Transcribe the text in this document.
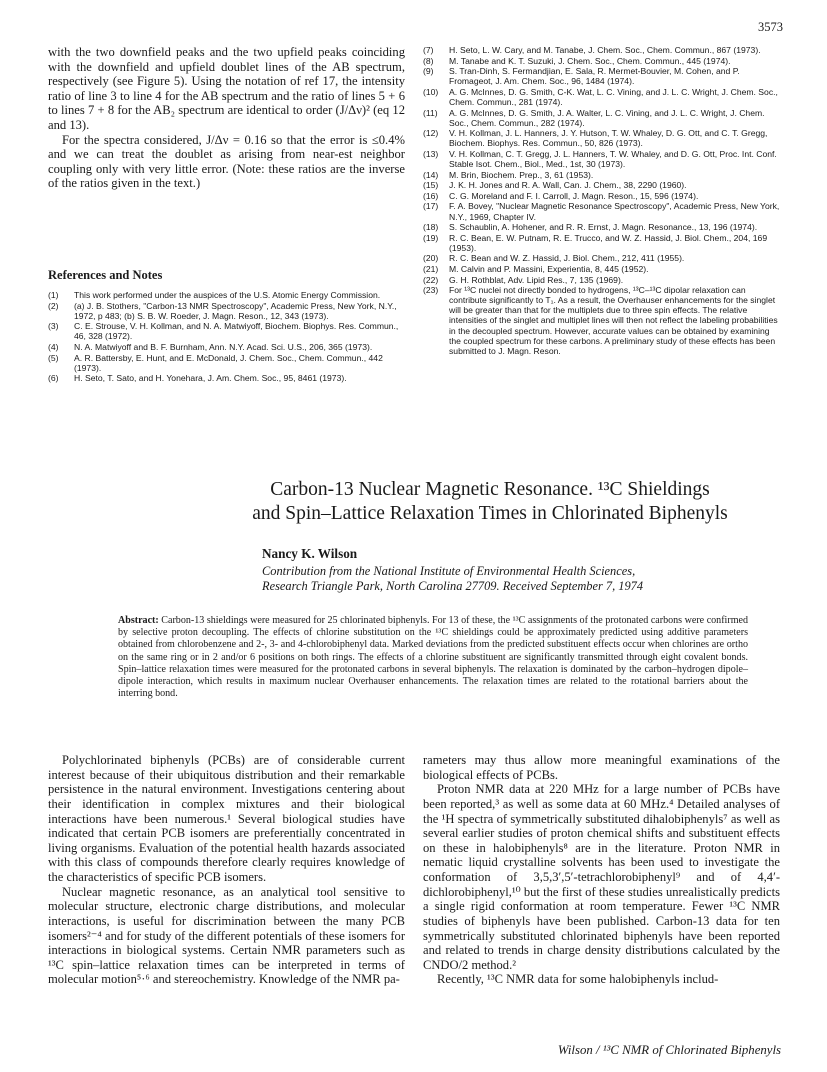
3573

with the two downfield peaks and the two upfield peaks coinciding with the downfield and upfield doublet lines of the AB spectrum, respectively (see Figure 5). Using the notation of ref 17, the intensity ratio of line 3 to line 4 for the AB spectrum and the ratio of lines 5 + 6 to lines 7 + 8 for the AB₂ spectrum are identical to order (J/Δν)² (eq 12 and 13).

For the spectra considered, J/Δν = 0.16 so that the error is ≤0.4% and we can treat the doublet as arising from near-est neighbor coupling only with very little error. (Note: these ratios are the inverse of the ratios given in the text.)

References and Notes
(1) This work performed under the auspices of the U.S. Atomic Energy Commission.
(2) (a) J. B. Stothers, "Carbon-13 NMR Spectroscopy", Academic Press, New York, N.Y., 1972, p 483; (b) S. B. W. Roeder, J. Magn. Reson., 12, 343 (1973).
(3) C. E. Strouse, V. H. Kollman, and N. A. Matwiyoff, Biochem. Biophys. Res. Commun., 46, 328 (1972).
(4) N. A. Matwiyoff and B. F. Burnham, Ann. N.Y. Acad. Sci. U.S., 206, 365 (1973).
(5) A. R. Battersby, E. Hunt, and E. McDonald, J. Chem. Soc., Chem. Commun., 442 (1973).
(6) H. Seto, T. Sato, and H. Yonehara, J. Am. Chem. Soc., 95, 8461 (1973).
(7) H. Seto, L. W. Cary, and M. Tanabe, J. Chem. Soc., Chem. Commun., 867 (1973).
(8) M. Tanabe and K. T. Suzuki, J. Chem. Soc., Chem. Commun., 445 (1974).
(9) S. Tran-Dinh, S. Fermandjian, E. Sala, R. Mermet-Bouvier, M. Cohen, and P. Fromageot, J. Am. Chem. Soc., 96, 1484 (1974).
(10) A. G. McInnes, D. G. Smith, C-K. Wat, L. C. Vining, and J. L. C. Wright, J. Chem. Soc., Chem. Commun., 281 (1974).
(11) A. G. McInnes, D. G. Smith, J. A. Walter, L. C. Vining, and J. L. C. Wright, J. Chem. Soc., Chem. Commun., 282 (1974).
(12) V. H. Kollman, J. L. Hanners, J. Y. Hutson, T. W. Whaley, D. G. Ott, and C. T. Gregg, Biochem. Biophys. Res. Commun., 50, 826 (1973).
(13) V. H. Kollman, C. T. Gregg, J. L. Hanners, T. W. Whaley, and D. G. Ott, Proc. Int. Conf. Stable Isot. Chem., Biol., Med., 1st, 30 (1973).
(14) M. Brin, Biochem. Prep., 3, 61 (1953).
(15) J. K. H. Jones and R. A. Wall, Can. J. Chem., 38, 2290 (1960).
(16) C. G. Moreland and F. I. Carroll, J. Magn. Reson., 15, 596 (1974).
(17) F. A. Bovey, "Nuclear Magnetic Resonance Spectroscopy", Academic Press, New York, N.Y., 1969, Chapter IV.
(18) S. Schaublin, A. Hohener, and R. R. Ernst, J. Magn. Resonance., 13, 196 (1974).
(19) R. C. Bean, E. W. Putnam, R. E. Trucco, and W. Z. Hassid, J. Biol. Chem., 204, 169 (1953).
(20) R. C. Bean and W. Z. Hassid, J. Biol. Chem., 212, 411 (1955).
(21) M. Calvin and P. Massini, Experientia, 8, 445 (1952).
(22) G. H. Rothblat, Adv. Lipid Res., 7, 135 (1969).
(23) For ¹³C nuclei not directly bonded to hydrogens, ¹³C–¹³C dipolar relaxation can contribute significantly to T₁. As a result, the Overhauser enhancements for the singlet will be greater than that for the multiplets due to three spin effects. The relative intensities of the singlet and multiplet lines will then not reflect the labeling probabilities in the decoupled spectrum. However, accurate values can be obtained by examining the coupled spectrum for these carbons. A preliminary study of these effects has been submitted to J. Magn. Reson.
Carbon-13 Nuclear Magnetic Resonance. ¹³C Shieldings
and Spin–Lattice Relaxation Times in Chlorinated Biphenyls
Nancy K. Wilson
Contribution from the National Institute of Environmental Health Sciences,
Research Triangle Park, North Carolina 27709. Received September 7, 1974
Abstract: Carbon-13 shieldings were measured for 25 chlorinated biphenyls. For 13 of these, the ¹³C assignments of the protonated carbons were confirmed by selective proton decoupling. The effects of chlorine substitution on the ¹³C shieldings could be approximately predicted using additive parameters obtained from chlorobenzene and 2-, 3- and 4-chlorobiphenyl data. Marked deviations from the predicted substituent effects occur when chlorines are ortho on the same ring or in 2 and/or 6 positions on both rings. The effects of a chlorine substituent are significantly transmitted through eight covalent bonds. Spin–lattice relaxation times were measured for the protonated carbons in several biphenyls. The relaxation is dominated by the carbon–hydrogen dipole–dipole interaction, which results in maximum nuclear Overhauser enhancements. The relaxation times are related to the rotational barriers about the interring bond.

Polychlorinated biphenyls (PCBs) are of considerable current interest because of their ubiquitous distribution and their remarkable persistence in the natural environment. Investigations centering about their identification in complex mixtures and their biological interactions have been numerous.¹ Several biological studies have indicated that certain PCB isomers are preferentially concentrated in living organisms. Evaluation of the potential health hazards associated with this class of compounds therefore clearly requires knowledge of the characteristics of specific PCB isomers.

Nuclear magnetic resonance, as an analytical tool sensitive to molecular structure, electronic charge distributions, and molecular interactions, is useful for discrimination between the many PCB isomers²⁻⁴ and for study of the different potentials of these isomers for interactions in biological systems. Certain NMR parameters such as ¹³C spin–lattice relaxation times can be interpreted in terms of molecular motion⁵·⁶ and stereochemistry. Knowledge of the NMR pa-

rameters may thus allow more meaningful examinations of the biological effects of PCBs.

Proton NMR data at 220 MHz for a large number of PCBs have been reported,³ as well as some data at 60 MHz.⁴ Detailed analyses of the ¹H spectra of symmetrically substituted dihalobiphenyls⁷ as well as several earlier studies of proton chemical shifts and substituent effects on these in halobiphenyls⁸ are in the literature. Proton NMR in nematic liquid crystalline solvents has been used to investigate the conformation of 3,5,3′,5′-tetrachlorobiphenyl⁹ and of 4,4′-dichlorobiphenyl,¹⁰ but the first of these studies unrealistically predicts a single rigid conformation at room temperature. Fewer ¹³C NMR studies of biphenyls have been published. Carbon-13 data for ten symmetrically substituted chlorinated biphenyls have been reported and related to trends in charge density distributions calculated by the CNDO/2 method.²

Recently, ¹³C NMR data for some halobiphenyls includ-

Wilson / ¹³C NMR of Chlorinated Biphenyls
